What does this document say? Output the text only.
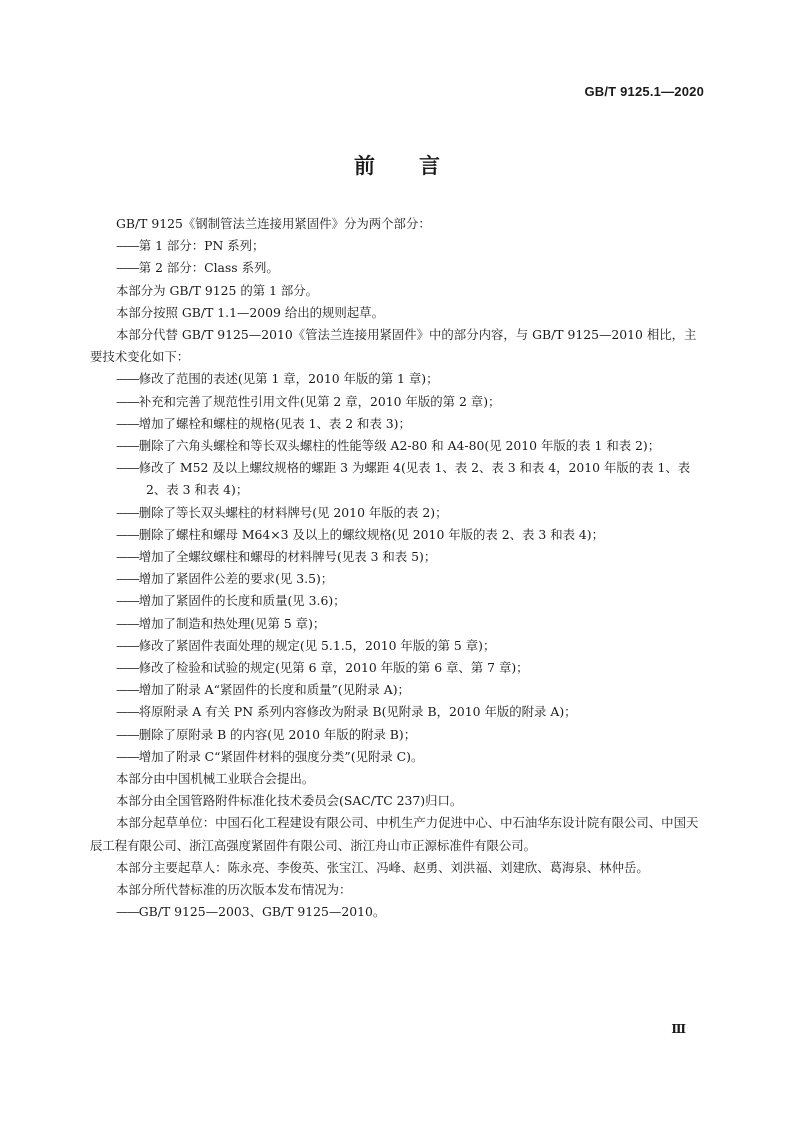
GB/T 9125.1—2020
前言

GB/T 9125《钢制管法兰连接用紧固件》分为两个部分：

——第 1 部分：PN 系列；

——第 2 部分：Class 系列。

本部分为 GB/T 9125 的第 1 部分。

本部分按照 GB/T 1.1—2009 给出的规则起草。

本部分代替 GB/T 9125—2010《管法兰连接用紧固件》中的部分内容，与 GB/T 9125—2010 相比，主要技术变化如下：

——修改了范围的表述(见第 1 章，2010 年版的第 1 章)；

——补充和完善了规范性引用文件(见第 2 章，2010 年版的第 2 章)；

——增加了螺栓和螺柱的规格(见表 1、表 2 和表 3)；

——删除了六角头螺栓和等长双头螺柱的性能等级 A2-80 和 A4-80(见 2010 年版的表 1 和表 2)；

——修改了 M52 及以上螺纹规格的螺距 3 为螺距 4(见表 1、表 2、表 3 和表 4，2010 年版的表 1、表 2、表 3 和表 4)；

——删除了等长双头螺柱的材料牌号(见 2010 年版的表 2)；

——删除了螺柱和螺母 M64×3 及以上的螺纹规格(见 2010 年版的表 2、表 3 和表 4)；

——增加了全螺纹螺柱和螺母的材料牌号(见表 3 和表 5)；

——增加了紧固件公差的要求(见 3.5)；

——增加了紧固件的长度和质量(见 3.6)；

——增加了制造和热处理(见第 5 章)；

——修改了紧固件表面处理的规定(见 5.1.5，2010 年版的第 5 章)；

——修改了检验和试验的规定(见第 6 章，2010 年版的第 6 章、第 7 章)；

——增加了附录 A“紧固件的长度和质量”(见附录 A)；

——将原附录 A 有关 PN 系列内容修改为附录 B(见附录 B，2010 年版的附录 A)；

——删除了原附录 B 的内容(见 2010 年版的附录 B)；

——增加了附录 C“紧固件材料的强度分类”(见附录 C)。

本部分由中国机械工业联合会提出。

本部分由全国管路附件标准化技术委员会(SAC/TC 237)归口。

本部分起草单位：中国石化工程建设有限公司、中机生产力促进中心、中石油华东设计院有限公司、中国天辰工程有限公司、浙江高强度紧固件有限公司、浙江舟山市正源标准件有限公司。

本部分主要起草人：陈永亮、李俊英、张宝江、冯峰、赵勇、刘洪福、刘建欣、葛海泉、林仲岳。

本部分所代替标准的历次版本发布情况为：

——GB/T 9125—2003、GB/T 9125—2010。

Ⅲ
